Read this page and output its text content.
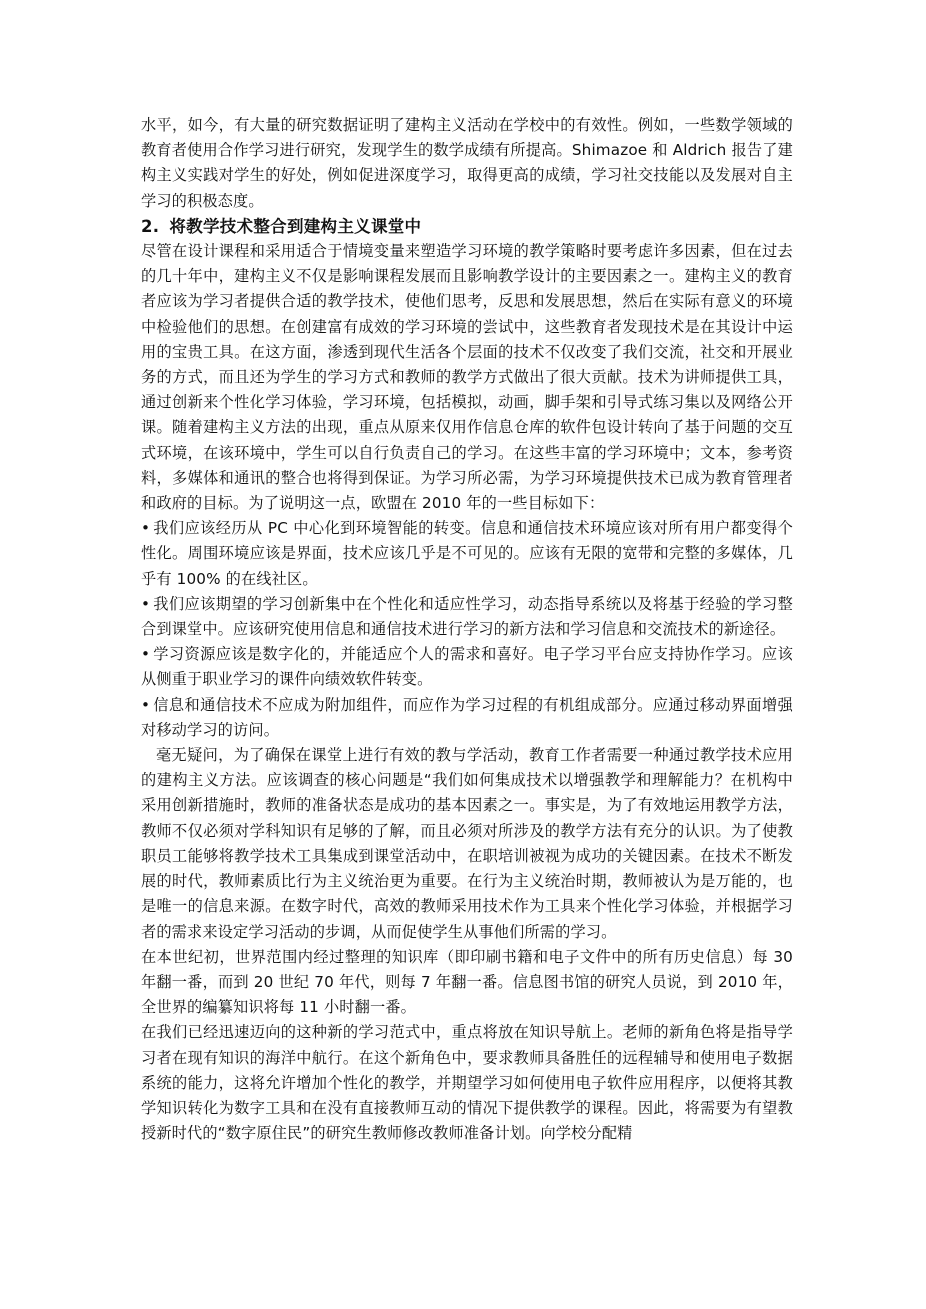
水平，如今，有大量的研究数据证明了建构主义活动在学校中的有效性。例如，一些数学领域的教育者使用合作学习进行研究，发现学生的数学成绩有所提高。Shimazoe 和 Aldrich 报告了建构主义实践对学生的好处，例如促进深度学习，取得更高的成绩，学习社交技能以及发展对自主学习的积极态度。

2. 将教学技术整合到建构主义课堂中

尽管在设计课程和采用适合于情境变量来塑造学习环境的教学策略时要考虑许多因素，但在过去的几十年中，建构主义不仅是影响课程发展而且影响教学设计的主要因素之一。建构主义的教育者应该为学习者提供合适的教学技术，使他们思考，反思和发展思想，然后在实际有意义的环境中检验他们的思想。在创建富有成效的学习环境的尝试中，这些教育者发现技术是在其设计中运用的宝贵工具。在这方面，渗透到现代生活各个层面的技术不仅改变了我们交流，社交和开展业务的方式，而且还为学生的学习方式和教师的教学方式做出了很大贡献。技术为讲师提供工具，通过创新来个性化学习体验，学习环境，包括模拟，动画，脚手架和引导式练习集以及网络公开课。随着建构主义方法的出现，重点从原来仅用作信息仓库的软件包设计转向了基于问题的交互式环境，在该环境中，学生可以自行负责自己的学习。在这些丰富的学习环境中；文本，参考资料，多媒体和通讯的整合也将得到保证。为学习所必需，为学习环境提供技术已成为教育管理者和政府的目标。为了说明这一点，欧盟在 2010 年的一些目标如下：

• 我们应该经历从 PC 中心化到环境智能的转变。信息和通信技术环境应该对所有用户都变得个性化。周围环境应该是界面，技术应该几乎是不可见的。应该有无限的宽带和完整的多媒体，几乎有 100% 的在线社区。

• 我们应该期望的学习创新集中在个性化和适应性学习，动态指导系统以及将基于经验的学习整合到课堂中。应该研究使用信息和通信技术进行学习的新方法和学习信息和交流技术的新途径。

• 学习资源应该是数字化的，并能适应个人的需求和喜好。电子学习平台应支持协作学习。应该从侧重于职业学习的课件向绩效软件转变。

• 信息和通信技术不应成为附加组件，而应作为学习过程的有机组成部分。应通过移动界面增强对移动学习的访问。

毫无疑问，为了确保在课堂上进行有效的教与学活动，教育工作者需要一种通过教学技术应用的建构主义方法。应该调查的核心问题是“我们如何集成技术以增强教学和理解能力？在机构中采用创新措施时，教师的准备状态是成功的基本因素之一。事实是，为了有效地运用教学方法，教师不仅必须对学科知识有足够的了解，而且必须对所涉及的教学方法有充分的认识。为了使教职员工能够将教学技术工具集成到课堂活动中，在职培训被视为成功的关键因素。在技术不断发展的时代，教师素质比行为主义统治更为重要。在行为主义统治时期，教师被认为是万能的，也是唯一的信息来源。在数字时代，高效的教师采用技术作为工具来个性化学习体验，并根据学习者的需求来设定学习活动的步调，从而促使学生从事他们所需的学习。

在本世纪初，世界范围内经过整理的知识库（即印刷书籍和电子文件中的所有历史信息）每 30 年翻一番，而到 20 世纪 70 年代，则每 7 年翻一番。信息图书馆的研究人员说，到 2010 年，全世界的编纂知识将每 11 小时翻一番。

在我们已经迅速迈向的这种新的学习范式中，重点将放在知识导航上。老师的新角色将是指导学习者在现有知识的海洋中航行。在这个新角色中，要求教师具备胜任的远程辅导和使用电子数据系统的能力，这将允许增加个性化的教学，并期望学习如何使用电子软件应用程序，以便将其教学知识转化为数字工具和在没有直接教师互动的情况下提供教学的课程。因此，将需要为有望教授新时代的“数字原住民”的研究生教师修改教师准备计划。向学校分配精
